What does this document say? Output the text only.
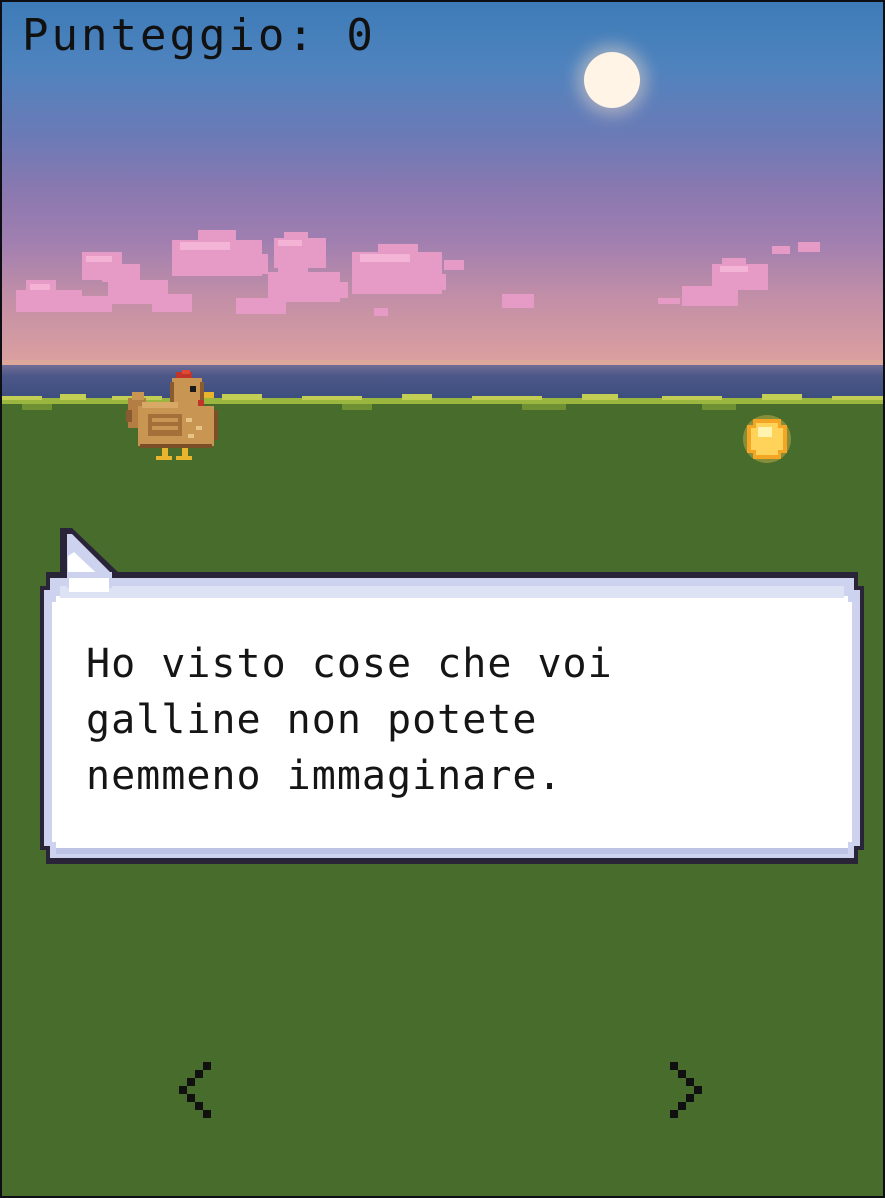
Punteggio: 0

Ho visto cose che voi
galline non potete
nemmeno immaginare.
